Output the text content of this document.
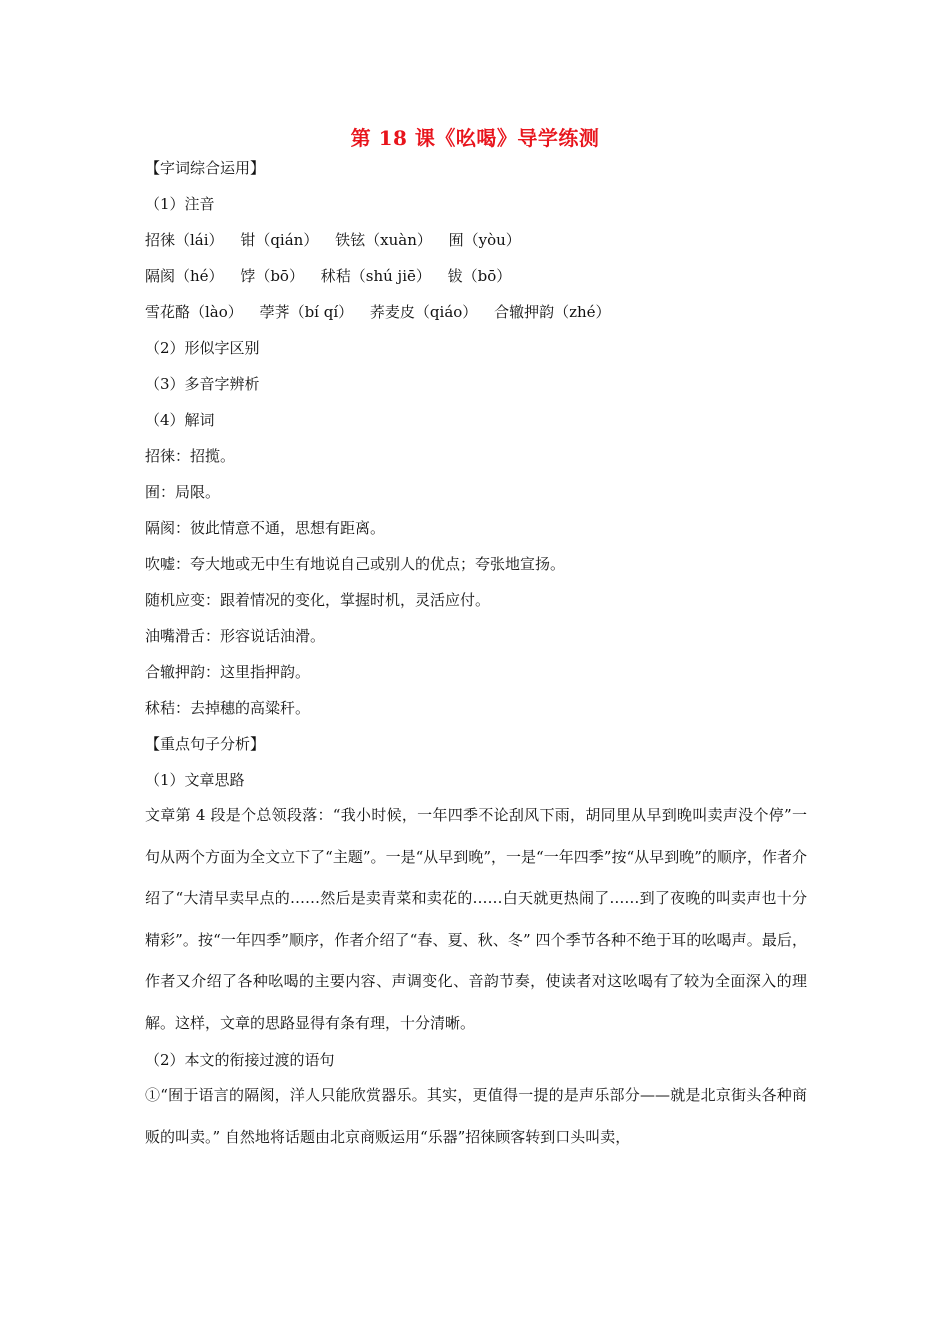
第 18 课《吆喝》导学练测
【字词综合运用】
（1）注音
招徕（lái） 钳（qián） 铁铉（xuàn） 囿（yòu）
隔阂（hé） 饽（bō） 秫秸（shú jiē） 钹（bō）
雪花酪（lào） 荸荠（bí qí） 荞麦皮（qiáo） 合辙押韵（zhé）
（2）形似字区别
（3）多音字辨析
（4）解词
招徕：招揽。
囿：局限。
隔阂：彼此情意不通，思想有距离。
吹嘘：夸大地或无中生有地说自己或别人的优点；夸张地宣扬。
随机应变：跟着情况的变化，掌握时机，灵活应付。
油嘴滑舌：形容说话油滑。
合辙押韵：这里指押韵。
秫秸：去掉穗的高粱秆。
【重点句子分析】
（1）文章思路
文章第 4 段是个总领段落：“我小时候，一年四季不论刮风下雨，胡同里从早到晚叫卖声没个停”一句从两个方面为全文立下了“主题”。一是“从早到晚”，一是“一年四季”按“从早到晚”的顺序，作者介绍了“大清早卖早点的……然后是卖青菜和卖花的……白天就更热闹了……到了夜晚的叫卖声也十分精彩”。按“一年四季”顺序，作者介绍了“春、夏、秋、冬” 四个季节各种不绝于耳的吆喝声。最后，作者又介绍了各种吆喝的主要内容、声调变化、音韵节奏，使读者对这吆喝有了较为全面深入的理解。这样，文章的思路显得有条有理，十分清晰。
（2）本文的衔接过渡的语句
①“囿于语言的隔阂，洋人只能欣赏器乐。其实，更值得一提的是声乐部分——就是北京街头各种商贩的叫卖。” 自然地将话题由北京商贩运用“乐器”招徕顾客转到口头叫卖，
